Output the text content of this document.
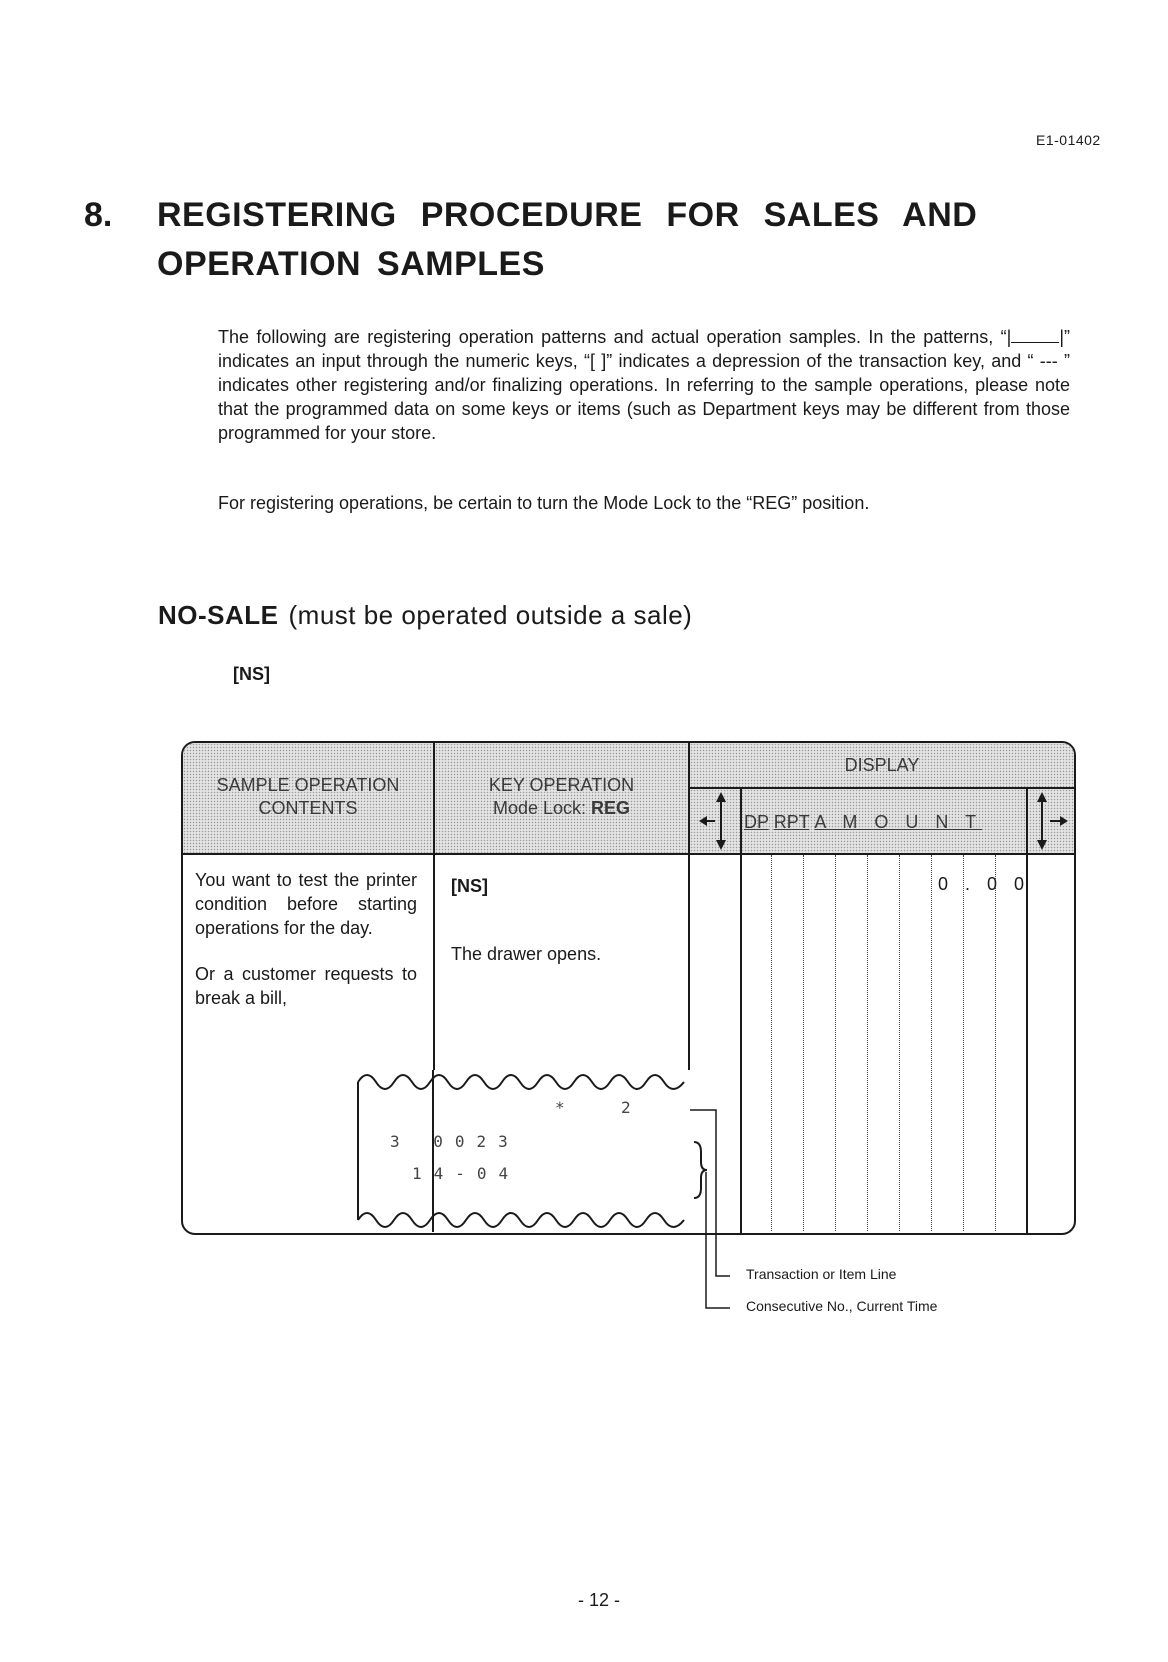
E1-01402
8. REGISTERING PROCEDURE FOR SALES AND
OPERATION SAMPLES
The following are registering operation patterns and actual operation samples. In the patterns, “|	|” indicates an input through the numeric keys, “[ ]” indicates a depression of the transaction key, and “ --- ” indicates other registering and/or finalizing operations. In referring to the sample operations, please note that the programmed data on some keys or items (such as Department keys may be different from those programmed for your store.
For registering operations, be certain to turn the Mode Lock to the “REG” position.
NO-SALE (must be operated outside a sale)
[NS]
SAMPLE OPERATION
CONTENTS
KEY OPERATION
Mode Lock: REG
DISPLAY
DP RPT A M O U N T
You want to test the printer condition before starting operations for the day.
Or a customer requests to break a bill,
[NS]
The drawer opens.
0.00
*	2
3 0023
14-04
Transaction or Item Line
Consecutive No., Current Time
- 12 -
